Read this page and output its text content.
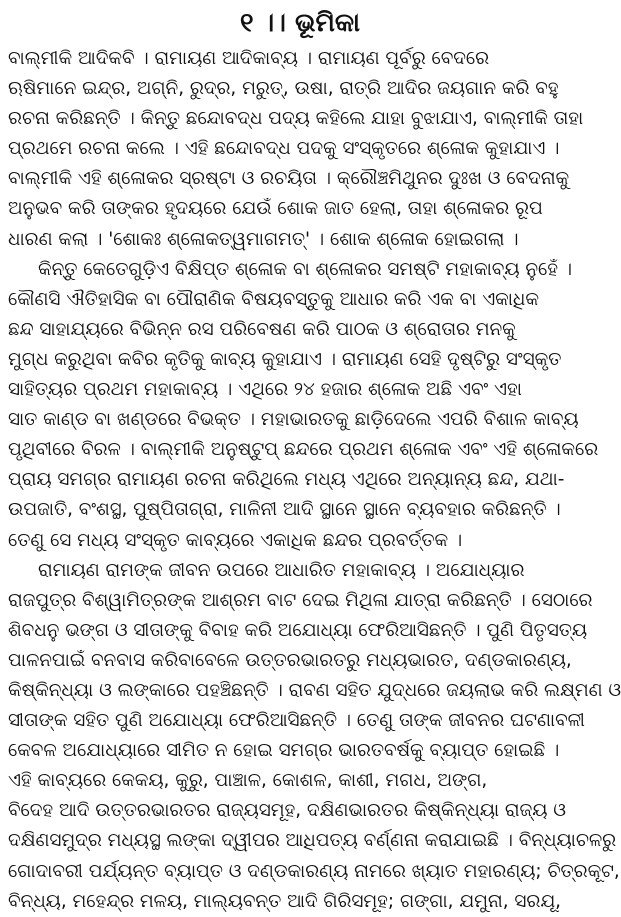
୧ ।। ଭୂମିକା
ବାଲ୍ମୀକି ଆଦିକବି । ରାମାୟଣ ଆଦିକାବ୍ୟ । ରାମାୟଣ ପୂର୍ବରୁ ବେଦରେ
ଋଷିମାନେ ଇନ୍ଦ୍ର, ଅଗ୍ନି, ରୁଦ୍ର, ମରୁତ୍, ଉଷା, ରାତ୍ରି ଆଦିର ଜୟଗାନ କରି ବହୁ
ରଚନା କରିଛନ୍ତି । କିନ୍ତୁ ଛନ୍ଦୋବଦ୍ଧ ପଦ୍ୟ କହିଲେ ଯାହା ବୁଝାଯାଏ, ବାଲ୍ମୀକି ତାହା
ପ୍ରଥମେ ରଚନା କଲେ । ଏହି ଛନ୍ଦୋବଦ୍ଧ ପଦକୁ ସଂସ୍କୃତରେ ଶ୍ଳୋକ କୁହାଯାଏ ।
ବାଲ୍ମୀକି ଏହି ଶ୍ଳୋକର ସ୍ରଷ୍ଟା ଓ ରଚୟିତା । କ୍ରୌଞ୍ଚମିଥୁନର ଦୁଃଖ ଓ ବେଦନାକୁ
ଅନୁଭବ କରି ତାଙ୍କର ହୃଦୟରେ ଯେଉଁ ଶୋକ ଜାତ ହେଲା, ତାହା ଶ୍ଳୋକର ରୂପ
ଧାରଣ କଲା । 'ଶୋକଃ ଶ୍ଳୋକତ୍ୱମାଗମତ୍' । ଶୋକ ଶ୍ଳୋକ ହୋଇଗଲା ।
କିନ୍ତୁ କେତେଗୁଡ଼ିଏ ବିକ୍ଷିପ୍ତ ଶ୍ଳୋକ ବା ଶ୍ଳୋକର ସମଷ୍ଟି ମହାକାବ୍ୟ ନୁହେଁ ।
କୌଣସି ଐତିହାସିକ ବା ପୌରାଣିକ ବିଷୟବସ୍ତୁକୁ ଆଧାର କରି ଏକ ବା ଏକାଧିକ
ଛନ୍ଦ ସାହାଯ୍ୟରେ ବିଭିନ୍ନ ରସ ପରିବେଷଣ କରି ପାଠକ ଓ ଶ୍ରୋତାର ମନକୁ
ମୁଗ୍ଧ କରୁଥିବା କବିର କୃତିକୁ କାବ୍ୟ କୁହାଯାଏ । ରାମାୟଣ ସେହି ଦୃଷ୍ଟିରୁ ସଂସ୍କୃତ
ସାହିତ୍ୟର ପ୍ରଥମ ମହାକାବ୍ୟ । ଏଥିରେ ୨୪ ହଜାର ଶ୍ଳୋକ ଅଛି ଏବଂ ଏହା
ସାତ କାଣ୍ଡ ବା ଖଣ୍ଡରେ ବିଭକ୍ତ । ମହାଭାରତକୁ ଛାଡ଼ିଦେଲେ ଏପରି ବିଶାଳ କାବ୍ୟ
ପୃଥିବୀରେ ବିରଳ । ବାଲ୍ମୀକି ଅନୁଷ୍ଟୁପ୍ ଛନ୍ଦରେ ପ୍ରଥମ ଶ୍ଳୋକ ଏବଂ ଏହି ଶ୍ଳୋକରେ
ପ୍ରାୟ ସମଗ୍ର ରାମାୟଣ ରଚନା କରିଥିଲେ ମଧ୍ୟ ଏଥିରେ ଅନ୍ୟାନ୍ୟ ଛନ୍ଦ, ଯଥା-
ଉପଜାତି, ବଂଶସ୍ଥ, ପୁଷ୍ପିତାଗ୍ରା, ମାଳିନୀ ଆଦି ସ୍ଥାନେ ସ୍ଥାନେ ବ୍ୟବହାର କରିଛନ୍ତି ।
ତେଣୁ ସେ ମଧ୍ୟ ସଂସ୍କୃତ କାବ୍ୟରେ ଏକାଧିକ ଛନ୍ଦର ପ୍ରବର୍ତ୍ତକ ।
ରାମାୟଣ ରାମଙ୍କ ଜୀବନ ଉପରେ ଆଧାରିତ ମହାକାବ୍ୟ । ଅଯୋଧ୍ୟାର
ରାଜପୁତ୍ର ବିଶ୍ୱାମିତ୍ରଙ୍କ ଆଶ୍ରମ ବାଟ ଦେଇ ମିଥିଳା ଯାତ୍ରା କରିଛନ୍ତି । ସେଠାରେ
ଶିବଧନୁ ଭଙ୍ଗ ଓ ସୀତାଙ୍କୁ ବିବାହ କରି ଅଯୋଧ୍ୟା ଫେରିଆସିଛନ୍ତି । ପୁଣି ପିତୃସତ୍ୟ
ପାଳନପାଇଁ ବନବାସ କରିବାବେଳେ ଉତ୍ତରଭାରତରୁ ମଧ୍ୟଭାରତ, ଦଣ୍ଡକାରଣ୍ୟ,
କିଷ୍କିନ୍ଧ୍ୟା ଓ ଲଙ୍କାରେ ପହଞ୍ଚିଛନ୍ତି । ରାବଣ ସହିତ ଯୁଦ୍ଧରେ ଜୟଲାଭ କରି ଲକ୍ଷ୍ମଣ ଓ
ସୀତାଙ୍କ ସହିତ ପୁଣି ଅଯୋଧ୍ୟା ଫେରିଆସିଛନ୍ତି । ତେଣୁ ତାଙ୍କ ଜୀବନର ଘଟଣାବଳୀ
କେବଳ ଅଯୋଧ୍ୟାରେ ସୀମିତ ନ ହୋଇ ସମଗ୍ର ଭାରତବର୍ଷକୁ ବ୍ୟାପ୍ତ ହୋଇଛି ।
ଏହି କାବ୍ୟରେ କେକୟ, କୁରୁ, ପାଞ୍ଚାଳ, କୋଶଳ, କାଶୀ, ମଗଧ, ଅଙ୍ଗ,
ବିଦେହ ଆଦି ଉତ୍ତରଭାରତର ରାଜ୍ୟସମୂହ, ଦକ୍ଷିଣଭାରତର କିଷ୍କିନ୍ଧ୍ୟା ରାଜ୍ୟ ଓ
ଦକ୍ଷିଣସମୁଦ୍ର ମଧ୍ୟସ୍ଥ ଲଙ୍କା ଦ୍ୱୀପର ଆଧିପତ୍ୟ ବର୍ଣ୍ଣନା କରାଯାଇଛି । ବିନ୍ଧ୍ୟାଚଳରୁ
ଗୋଦାବରୀ ପର୍ଯ୍ୟନ୍ତ ବ୍ୟାପ୍ତ ଓ ଦଣ୍ଡକାରଣ୍ୟ ନାମରେ ଖ୍ୟାତ ମହାରଣ୍ୟ; ଚିତ୍ରକୂଟ,
ବିନ୍ଧ୍ୟ, ମହେନ୍ଦ୍ର ମଳୟ, ମାଲ୍ୟବନ୍ତ ଆଦି ଗିରିସମୂହ; ଗଙ୍ଗା, ଯମୁନା, ସରଯୂ,
